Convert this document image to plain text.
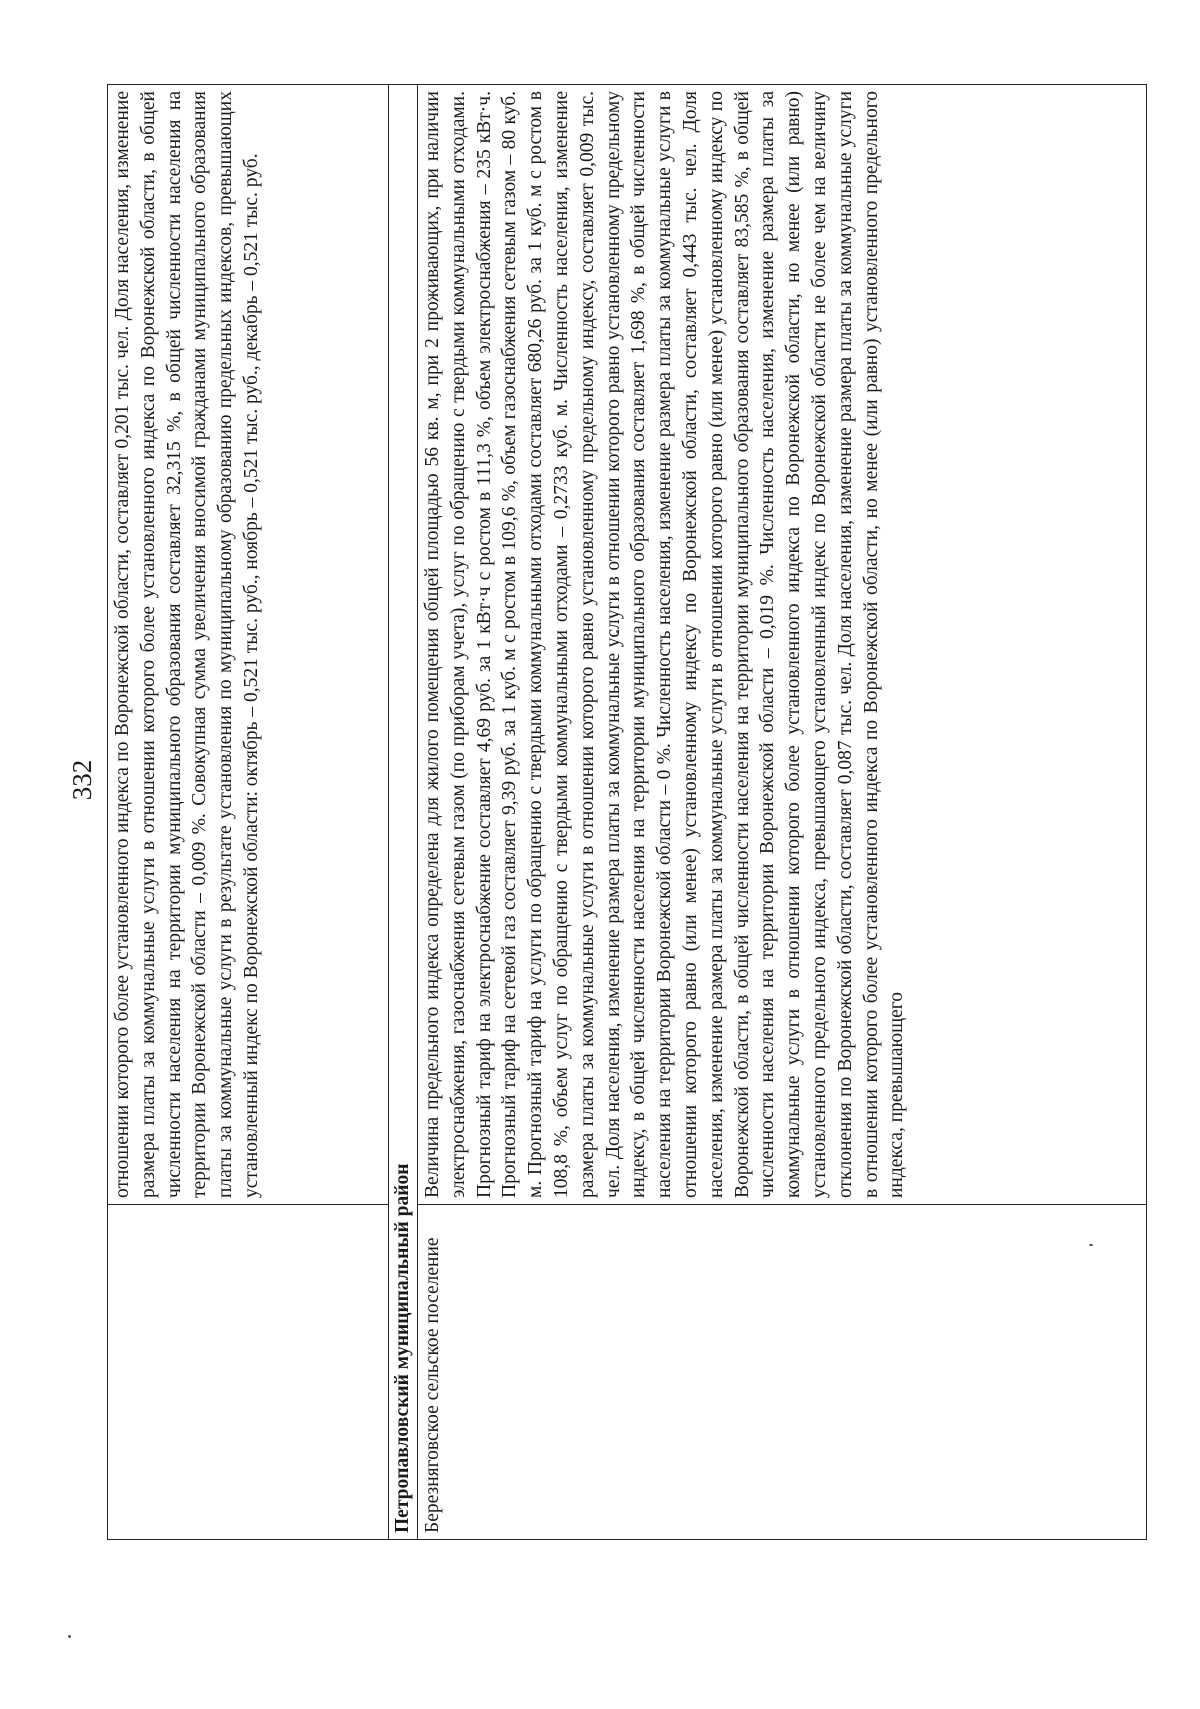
332

	отношении которого более установленного индекса по Воронежской области, составляет 0,201 тыс. чел. Доля населения, изменение размера платы за коммунальные услуги в отношении которого более установленного индекса по Воронежской области, в общей численности населения на территории муниципального образования составляет 32,315 %, в общей численности населения на территории Воронежской области – 0,009 %. Совокупная сумма увеличения вносимой гражданами муниципального образования платы за коммунальные услуги в результате установления по муниципальному образованию предельных индексов, превышающих установленный индекс по Воронежской области: октябрь – 0,521 тыс. руб., ноябрь – 0,521 тыс. руб., декабрь – 0,521 тыс. руб.

Петропавловский муниципальный район	
Березняговское сельское поселение	Величина предельного индекса определена для жилого помещения общей площадью 56 кв. м, при 2 проживающих, при наличии электроснабжения, газоснабжения сетевым газом (по приборам учета), услуг по обращению с твердыми коммунальными отходами. Прогнозный тариф на электроснабжение составляет 4,69 руб. за 1 кВт·ч с ростом в 111,3 %, объем электроснабжения – 235 кВт·ч. Прогнозный тариф на сетевой газ составляет 9,39 руб. за 1 куб. м с ростом в 109,6 %, объем газоснабжения сетевым газом – 80 куб. м. Прогнозный тариф на услуги по обращению с твердыми коммунальными отходами составляет 680,26 руб. за 1 куб. м с ростом в 108,8 %, объем услуг по обращению с твердыми коммунальными отходами – 0,2733 куб. м. Численность населения, изменение размера платы за коммунальные услуги в отношении которого равно установленному предельному индексу, составляет 0,009 тыс. чел. Доля населения, изменение размера платы за коммунальные услуги в отношении которого равно установленному предельному индексу, в общей численности населения на территории муниципального образования составляет 1,698 %, в общей численности населения на территории Воронежской области – 0 %. Численность населения, изменение размера платы за коммунальные услуги в отношении которого равно (или менее) установленному индексу по Воронежской области, составляет 0,443 тыс. чел. Доля населения, изменение размера платы за коммунальные услуги в отношении которого равно (или менее) установленному индексу по Воронежской области, в общей численности населения на территории муниципального образования составляет 83,585 %, в общей численности населения на территории Воронежской области – 0,019 %. Численность населения, изменение размера платы за коммунальные услуги в отношении которого более установленного индекса по Воронежской области, но менее (или равно) установленного предельного индекса, превышающего установленный индекс по Воронежской области не более чем на величину отклонения по Воронежской области, составляет 0,087 тыс. чел. Доля населения, изменение размера платы за коммунальные услуги в отношении которого более установленного индекса по Воронежской области, но менее (или равно) установленного предельного индекса, превышающего
